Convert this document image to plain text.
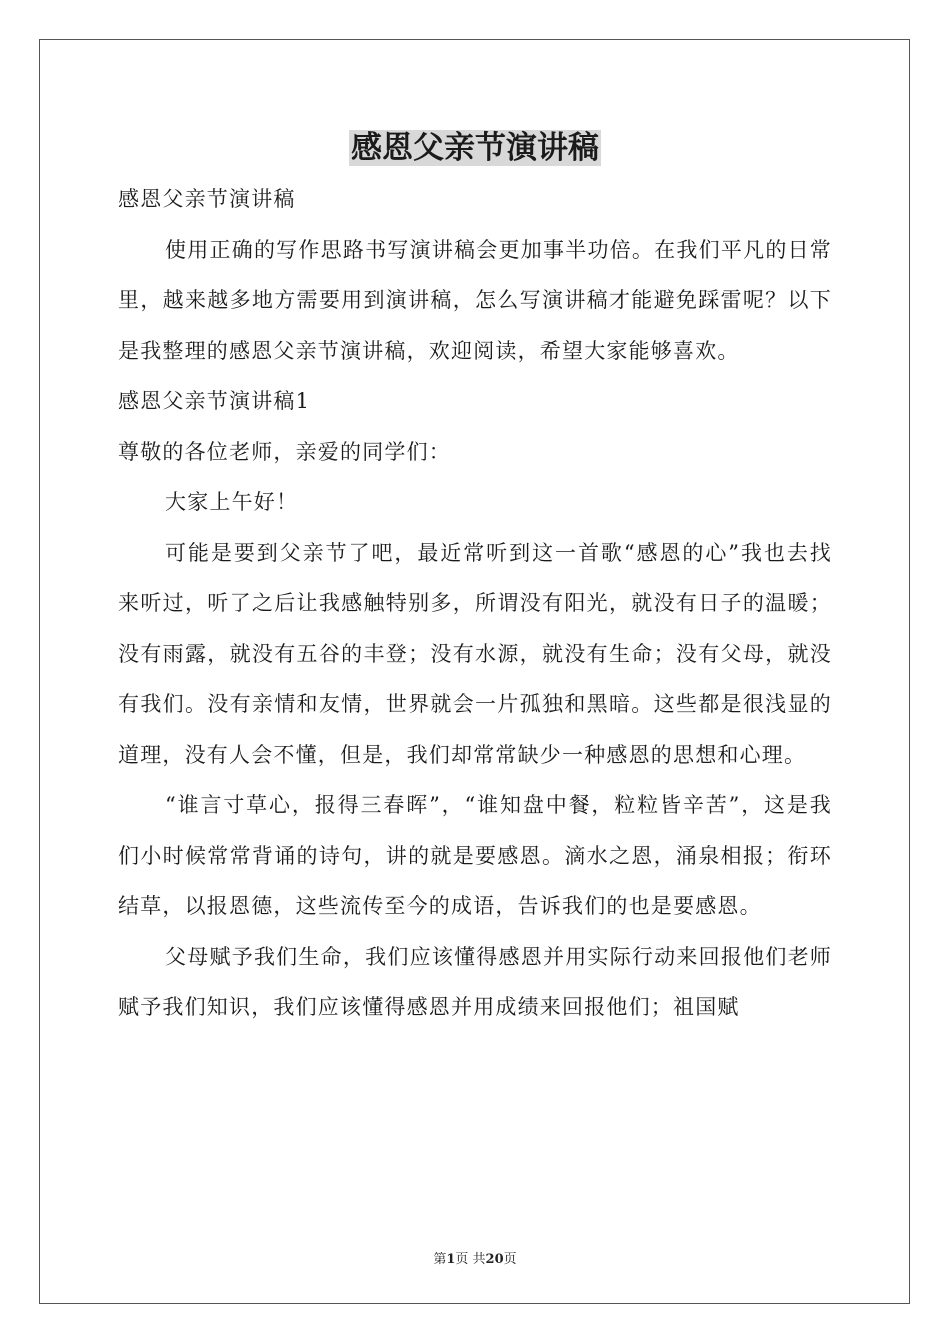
感恩父亲节演讲稿

感恩父亲节演讲稿

使用正确的写作思路书写演讲稿会更加事半功倍。在我们平凡的日常里，越来越多地方需要用到演讲稿，怎么写演讲稿才能避免踩雷呢？以下是我整理的感恩父亲节演讲稿，欢迎阅读，希望大家能够喜欢。

感恩父亲节演讲稿1

尊敬的各位老师，亲爱的同学们：

大家上午好！

可能是要到父亲节了吧，最近常听到这一首歌“感恩的心”我也去找来听过，听了之后让我感触特别多，所谓没有阳光，就没有日子的温暖；没有雨露，就没有五谷的丰登；没有水源，就没有生命；没有父母，就没有我们。没有亲情和友情，世界就会一片孤独和黑暗。这些都是很浅显的道理，没有人会不懂，但是，我们却常常缺少一种感恩的思想和心理。

“谁言寸草心，报得三春晖”，“谁知盘中餐，粒粒皆辛苦”，这是我们小时候常常背诵的诗句，讲的就是要感恩。滴水之恩，涌泉相报；衔环结草，以报恩德，这些流传至今的成语，告诉我们的也是要感恩。

父母赋予我们生命，我们应该懂得感恩并用实际行动来回报他们老师赋予我们知识，我们应该懂得感恩并用成绩来回报他们；祖国赋

第1页 共20页
